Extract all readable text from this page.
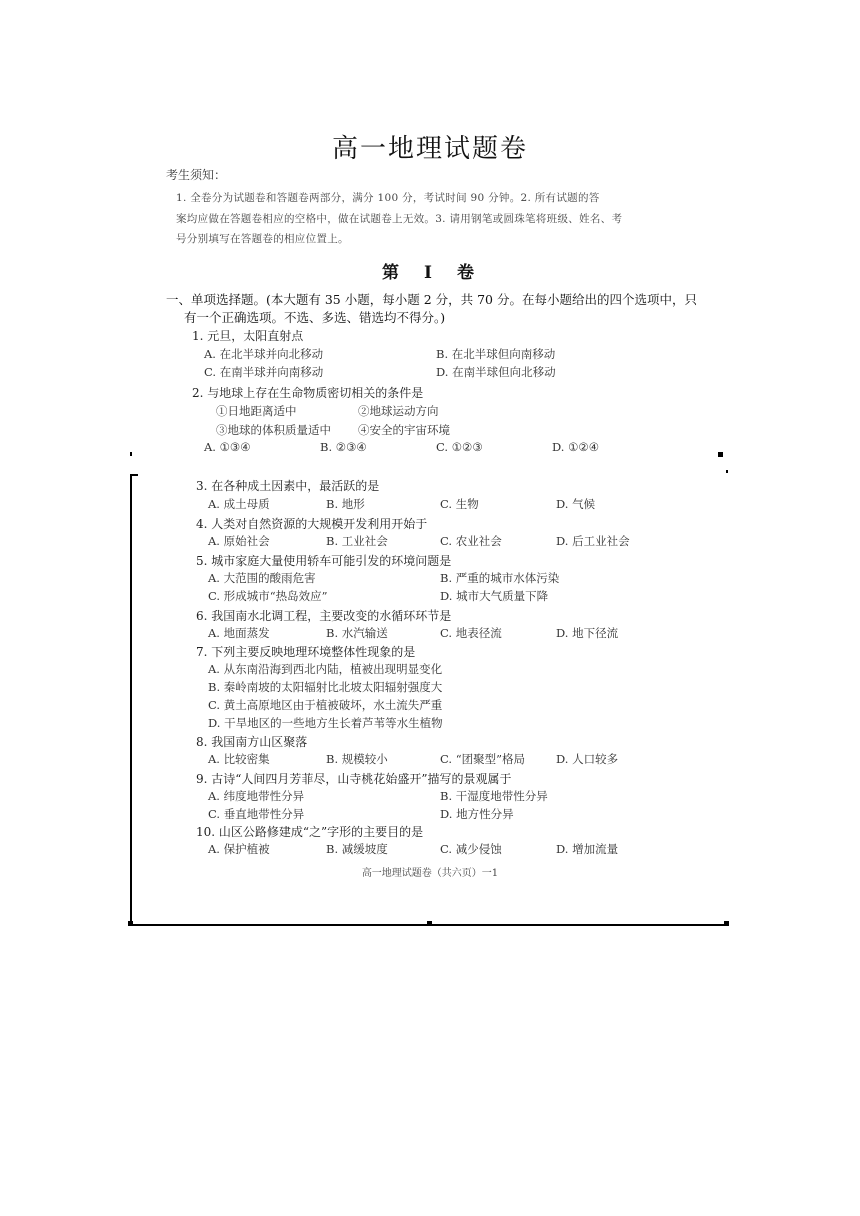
高一地理试题卷
考生须知：
1. 全卷分为试题卷和答题卷两部分，满分 100 分，考试时间 90 分钟。2. 所有试题的答
案均应做在答题卷相应的空格中，做在试题卷上无效。3. 请用钢笔或圆珠笔将班级、姓名、考
号分别填写在答题卷的相应位置上。
第　Ⅰ　卷
一、单项选择题。(本大题有 35 小题，每小题 2 分，共 70 分。在每小题给出的四个选项中，只
有一个正确选项。不选、多选、错选均不得分。)
1. 元旦，太阳直射点
A. 在北半球并向北移动	B. 在北半球但向南移动
C. 在南半球并向南移动	D. 在南半球但向北移动
2. 与地球上存在生命物质密切相关的条件是
①日地距离适中	②地球运动方向
③地球的体积质量适中 ④安全的宇宙环境
A. ①③④	B. ②③④	C. ①②③	D. ①②④
3. 在各种成土因素中，最活跃的是
A. 成土母质	B. 地形	C. 生物	D. 气候
4. 人类对自然资源的大规模开发利用开始于
A. 原始社会	B. 工业社会	C. 农业社会	D. 后工业社会
5. 城市家庭大量使用轿车可能引发的环境问题是
A. 大范围的酸雨危害	B. 严重的城市水体污染
C. 形成城市“热岛效应”	D. 城市大气质量下降
6. 我国南水北调工程，主要改变的水循环环节是
A. 地面蒸发	B. 水汽输送	C. 地表径流	D. 地下径流
7. 下列主要反映地理环境整体性现象的是
A. 从东南沿海到西北内陆，植被出现明显变化
B. 秦岭南坡的太阳辐射比北坡太阳辐射强度大
C. 黄土高原地区由于植被破坏，水土流失严重
D. 干旱地区的一些地方生长着芦苇等水生植物
8. 我国南方山区聚落
A. 比较密集	B. 规模较小	C. “团聚型”格局	D. 人口较多
9. 古诗“人间四月芳菲尽，山寺桃花始盛开”描写的景观属于
A. 纬度地带性分异	B. 干湿度地带性分异
C. 垂直地带性分异	D. 地方性分异
10. 山区公路修建成“之”字形的主要目的是
A. 保护植被	B. 减缓坡度	C. 减少侵蚀	D. 增加流量
高一地理试题卷（共六页）一1
